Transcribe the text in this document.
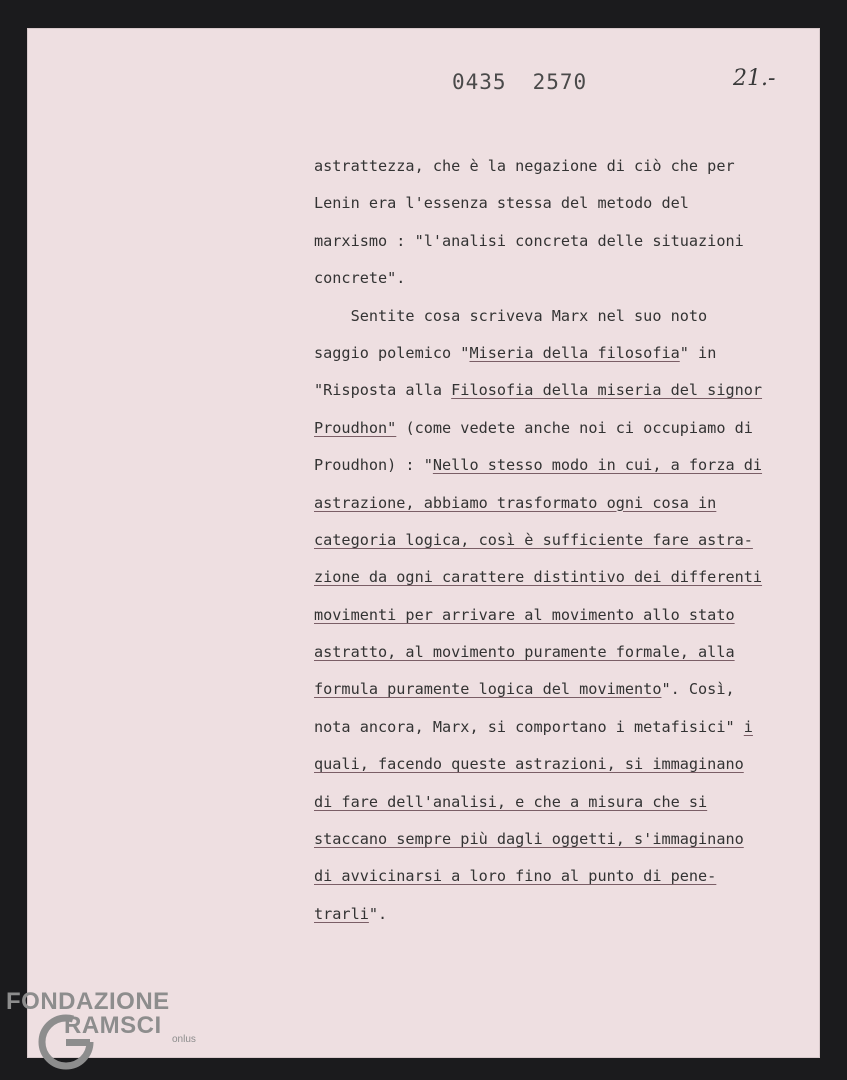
0435 2570	21.-
astrattezza, che è la negazione di ciò che per
Lenin era l'essenza stessa del metodo del
marxismo : "l'analisi concreta delle situazioni
concrete".
Sentite cosa scriveva Marx nel suo noto
saggio polemico "Miseria della filosofia" in
"Risposta alla Filosofia della miseria del signor
Proudhon" (come vedete anche noi ci occupiamo di
Proudhon) : "Nello stesso modo in cui, a forza di
astrazione, abbiamo trasformato ogni cosa in
categoria logica, così è sufficiente fare astra-
zione da ogni carattere distintivo dei differenti
movimenti per arrivare al movimento allo stato
astratto, al movimento puramente formale, alla
formula puramente logica del movimento". Così,
nota ancora, Marx, si comportano i metafisici" i
quali, facendo queste astrazioni, si immaginano
di fare dell'analisi, e che a misura che si
staccano sempre più dagli oggetti, s'immaginano
di avvicinarsi a loro fino al punto di pene-
trarli".
FONDAZIONE
RAMSCI
onlus
